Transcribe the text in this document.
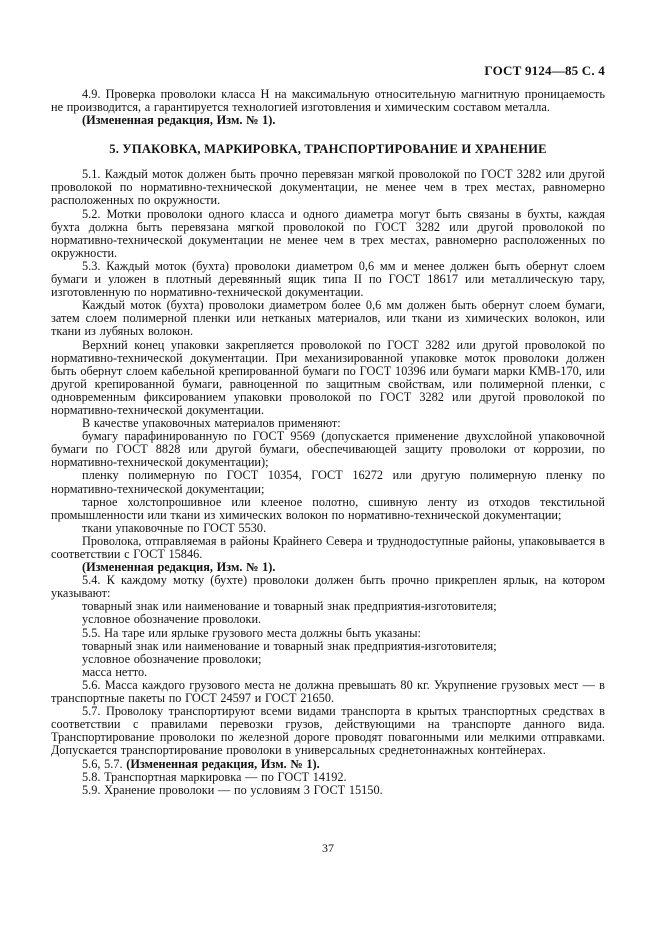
ГОСТ 9124—85 С. 4

4.9. Проверка проволоки класса Н на максимальную относительную магнитную проницаемость не производится, а гарантируется технологией изготовления и химическим составом металла.

(Измененная редакция, Изм. № 1).

5. УПАКОВКА, МАРКИРОВКА, ТРАНСПОРТИРОВАНИЕ И ХРАНЕНИЕ

5.1. Каждый моток должен быть прочно перевязан мягкой проволокой по ГОСТ 3282 или другой проволокой по нормативно-технической документации, не менее чем в трех местах, равномерно расположенных по окружности.

5.2. Мотки проволоки одного класса и одного диаметра могут быть связаны в бухты, каждая бухта должна быть перевязана мягкой проволокой по ГОСТ 3282 или другой проволокой по нормативно-технической документации не менее чем в трех местах, равномерно расположенных по окружности.

5.3. Каждый моток (бухта) проволоки диаметром 0,6 мм и менее должен быть обернут слоем бумаги и уложен в плотный деревянный ящик типа II по ГОСТ 18617 или металлическую тару, изготовленную по нормативно-технической документации.

Каждый моток (бухта) проволоки диаметром более 0,6 мм должен быть обернут слоем бумаги, затем слоем полимерной пленки или нетканых материалов, или ткани из химических волокон, или ткани из лубяных волокон.

Верхний конец упаковки закрепляется проволокой по ГОСТ 3282 или другой проволокой по нормативно-технической документации. При механизированной упаковке моток проволоки должен быть обернут слоем кабельной крепированной бумаги по ГОСТ 10396 или бумаги марки КМВ-170, или другой крепированной бумаги, равноценной по защитным свойствам, или полимерной пленки, с одновременным фиксированием упаковки проволокой по ГОСТ 3282 или другой проволокой по нормативно-технической документации.

В качестве упаковочных материалов применяют:

бумагу парафинированную по ГОСТ 9569 (допускается применение двухслойной упаковочной бумаги по ГОСТ 8828 или другой бумаги, обеспечивающей защиту проволоки от коррозии, по нормативно-технической документации);

пленку полимерную по ГОСТ 10354, ГОСТ 16272 или другую полимерную пленку по нормативно-технической документации;

тарное холстопрошивное или клееное полотно, сшивную ленту из отходов текстильной промышленности или ткани из химических волокон по нормативно-технической документации;

ткани упаковочные по ГОСТ 5530.

Проволока, отправляемая в районы Крайнего Севера и труднодоступные районы, упаковывается в соответствии с ГОСТ 15846.

(Измененная редакция, Изм. № 1).

5.4. К каждому мотку (бухте) проволоки должен быть прочно прикреплен ярлык, на котором указывают:

товарный знак или наименование и товарный знак предприятия-изготовителя;

условное обозначение проволоки.

5.5. На таре или ярлыке грузового места должны быть указаны:

товарный знак или наименование и товарный знак предприятия-изготовителя;

условное обозначение проволоки;

масса нетто.

5.6. Масса каждого грузового места не должна превышать 80 кг. Укрупнение грузовых мест — в транспортные пакеты по ГОСТ 24597 и ГОСТ 21650.

5.7. Проволоку транспортируют всеми видами транспорта в крытых транспортных средствах в соответствии с правилами перевозки грузов, действующими на транспорте данного вида. Транспортирование проволоки по железной дороге проводят повагонными или мелкими отправками. Допускается транспортирование проволоки в универсальных среднетоннажных контейнерах.

5.6, 5.7. (Измененная редакция, Изм. № 1).

5.8. Транспортная маркировка — по ГОСТ 14192.

5.9. Хранение проволоки — по условиям 3 ГОСТ 15150.

37
